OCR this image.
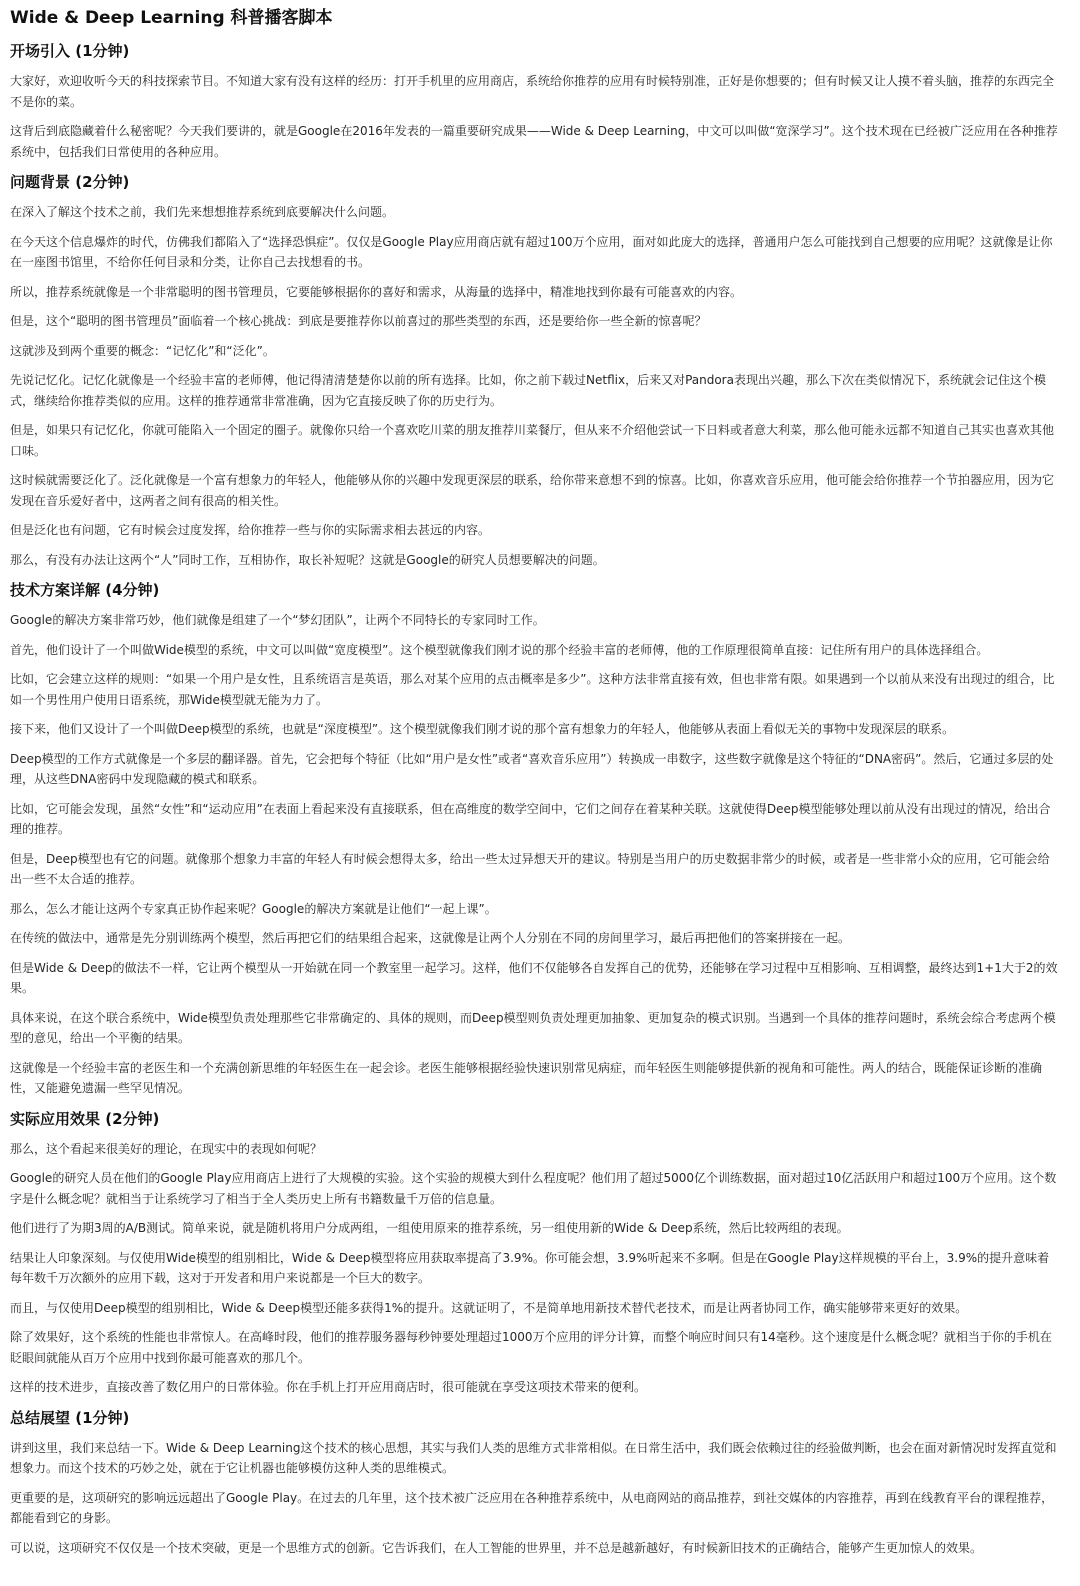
Wide & Deep Learning 科普播客脚本
开场引入 (1分钟)

大家好，欢迎收听今天的科技探索节目。不知道大家有没有这样的经历：打开手机里的应用商店，系统给你推荐的应用有时候特别准，正好是你想要的；但有时候又让人摸不着头脑，推荐的东西完全不是你的菜。

这背后到底隐藏着什么秘密呢？今天我们要讲的，就是Google在2016年发表的一篇重要研究成果——Wide & Deep Learning，中文可以叫做“宽深学习”。这个技术现在已经被广泛应用在各种推荐系统中，包括我们日常使用的各种应用。

问题背景 (2分钟)

在深入了解这个技术之前，我们先来想想推荐系统到底要解决什么问题。

在今天这个信息爆炸的时代，仿佛我们都陷入了“选择恐惧症”。仅仅是Google Play应用商店就有超过100万个应用，面对如此庞大的选择，普通用户怎么可能找到自己想要的应用呢？这就像是让你在一座图书馆里，不给你任何目录和分类，让你自己去找想看的书。

所以，推荐系统就像是一个非常聪明的图书管理员，它要能够根据你的喜好和需求，从海量的选择中，精准地找到你最有可能喜欢的内容。

但是，这个“聪明的图书管理员”面临着一个核心挑战：到底是要推荐你以前喜过的那些类型的东西，还是要给你一些全新的惊喜呢？

这就涉及到两个重要的概念：“记忆化”和“泛化”。

先说记忆化。记忆化就像是一个经验丰富的老师傅，他记得清清楚楚你以前的所有选择。比如，你之前下载过Netflix，后来又对Pandora表现出兴趣，那么下次在类似情况下，系统就会记住这个模式，继续给你推荐类似的应用。这样的推荐通常非常准确，因为它直接反映了你的历史行为。

但是，如果只有记忆化，你就可能陷入一个固定的圈子。就像你只给一个喜欢吃川菜的朋友推荐川菜餐厅，但从来不介绍他尝试一下日料或者意大利菜，那么他可能永远都不知道自己其实也喜欢其他口味。

这时候就需要泛化了。泛化就像是一个富有想象力的年轻人，他能够从你的兴趣中发现更深层的联系，给你带来意想不到的惊喜。比如，你喜欢音乐应用，他可能会给你推荐一个节拍器应用，因为它发现在音乐爱好者中，这两者之间有很高的相关性。

但是泛化也有问题，它有时候会过度发挥，给你推荐一些与你的实际需求相去甚远的内容。

那么，有没有办法让这两个“人”同时工作，互相协作，取长补短呢？这就是Google的研究人员想要解决的问题。

技术方案详解 (4分钟)

Google的解决方案非常巧妙，他们就像是组建了一个“梦幻团队”，让两个不同特长的专家同时工作。

首先，他们设计了一个叫做Wide模型的系统，中文可以叫做“宽度模型”。这个模型就像我们刚才说的那个经验丰富的老师傅，他的工作原理很简单直接：记住所有用户的具体选择组合。

比如，它会建立这样的规则：“如果一个用户是女性，且系统语言是英语，那么对某个应用的点击概率是多少”。这种方法非常直接有效，但也非常有限。如果遇到一个以前从来没有出现过的组合，比如一个男性用户使用日语系统，那Wide模型就无能为力了。

接下来，他们又设计了一个叫做Deep模型的系统，也就是“深度模型”。这个模型就像我们刚才说的那个富有想象力的年轻人，他能够从表面上看似无关的事物中发现深层的联系。

Deep模型的工作方式就像是一个多层的翻译器。首先，它会把每个特征（比如“用户是女性”或者“喜欢音乐应用”）转换成一串数字，这些数字就像是这个特征的“DNA密码”。然后，它通过多层的处理，从这些DNA密码中发现隐藏的模式和联系。

比如，它可能会发现，虽然“女性”和“运动应用”在表面上看起来没有直接联系，但在高维度的数学空间中，它们之间存在着某种关联。这就使得Deep模型能够处理以前从没有出现过的情况，给出合理的推荐。

但是，Deep模型也有它的问题。就像那个想象力丰富的年轻人有时候会想得太多，给出一些太过异想天开的建议。特别是当用户的历史数据非常少的时候，或者是一些非常小众的应用，它可能会给出一些不太合适的推荐。

那么，怎么才能让这两个专家真正协作起来呢？Google的解决方案就是让他们“一起上课”。

在传统的做法中，通常是先分别训练两个模型，然后再把它们的结果组合起来，这就像是让两个人分别在不同的房间里学习，最后再把他们的答案拼接在一起。

但是Wide & Deep的做法不一样，它让两个模型从一开始就在同一个教室里一起学习。这样，他们不仅能够各自发挥自己的优势，还能够在学习过程中互相影响、互相调整，最终达到1+1大于2的效果。

具体来说，在这个联合系统中，Wide模型负责处理那些它非常确定的、具体的规则，而Deep模型则负责处理更加抽象、更加复杂的模式识别。当遇到一个具体的推荐问题时，系统会综合考虑两个模型的意见，给出一个平衡的结果。

这就像是一个经验丰富的老医生和一个充满创新思维的年轻医生在一起会诊。老医生能够根据经验快速识别常见病症，而年轻医生则能够提供新的视角和可能性。两人的结合，既能保证诊断的准确性，又能避免遗漏一些罕见情况。

实际应用效果 (2分钟)

那么，这个看起来很美好的理论，在现实中的表现如何呢？

Google的研究人员在他们的Google Play应用商店上进行了大规模的实验。这个实验的规模大到什么程度呢？他们用了超过5000亿个训练数据，面对超过10亿活跃用户和超过100万个应用。这个数字是什么概念呢？就相当于让系统学习了相当于全人类历史上所有书籍数量千万倍的信息量。

他们进行了为期3周的A/B测试。简单来说，就是随机将用户分成两组，一组使用原来的推荐系统，另一组使用新的Wide & Deep系统，然后比较两组的表现。

结果让人印象深刻。与仅使用Wide模型的组别相比，Wide & Deep模型将应用获取率提高了3.9%。你可能会想，3.9%听起来不多啊。但是在Google Play这样规模的平台上，3.9%的提升意味着每年数千万次额外的应用下载，这对于开发者和用户来说都是一个巨大的数字。

而且，与仅使用Deep模型的组别相比，Wide & Deep模型还能多获得1%的提升。这就证明了，不是简单地用新技术替代老技术，而是让两者协同工作，确实能够带来更好的效果。

除了效果好，这个系统的性能也非常惊人。在高峰时段，他们的推荐服务器每秒钟要处理超过1000万个应用的评分计算，而整个响应时间只有14毫秒。这个速度是什么概念呢？就相当于你的手机在眨眼间就能从百万个应用中找到你最可能喜欢的那几个。

这样的技术进步，直接改善了数亿用户的日常体验。你在手机上打开应用商店时，很可能就在享受这项技术带来的便利。

总结展望 (1分钟)

讲到这里，我们来总结一下。Wide & Deep Learning这个技术的核心思想，其实与我们人类的思维方式非常相似。在日常生活中，我们既会依赖过往的经验做判断，也会在面对新情况时发挥直觉和想象力。而这个技术的巧妙之处，就在于它让机器也能够模仿这种人类的思维模式。

更重要的是，这项研究的影响远远超出了Google Play。在过去的几年里，这个技术被广泛应用在各种推荐系统中，从电商网站的商品推荐，到社交媒体的内容推荐，再到在线教育平台的课程推荐，都能看到它的身影。

可以说，这项研究不仅仅是一个技术突破，更是一个思维方式的创新。它告诉我们，在人工智能的世界里，并不总是越新越好，有时候新旧技术的正确结合，能够产生更加惊人的效果。
